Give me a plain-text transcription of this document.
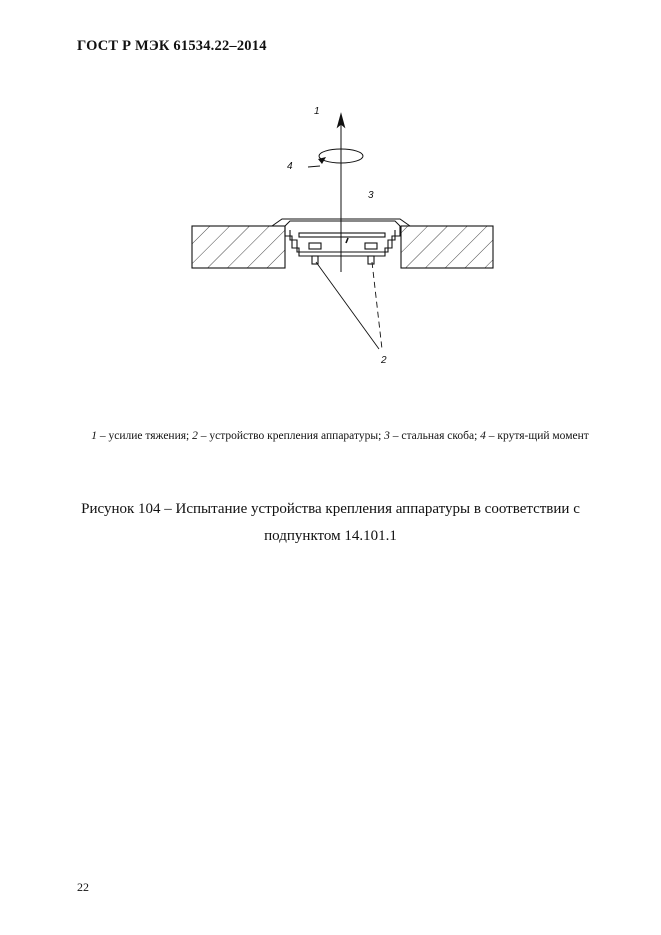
ГОСТ Р МЭК 61534.22–2014
1
4
3
2
1 – усилие тяжения; 2 – устройство крепления аппаратуры; 3 – стальная скоба; 4 – крутя-щий момент
Рисунок 104 – Испытание устройства крепления аппаратуры в соответствии с
подпунктом 14.101.1
22
